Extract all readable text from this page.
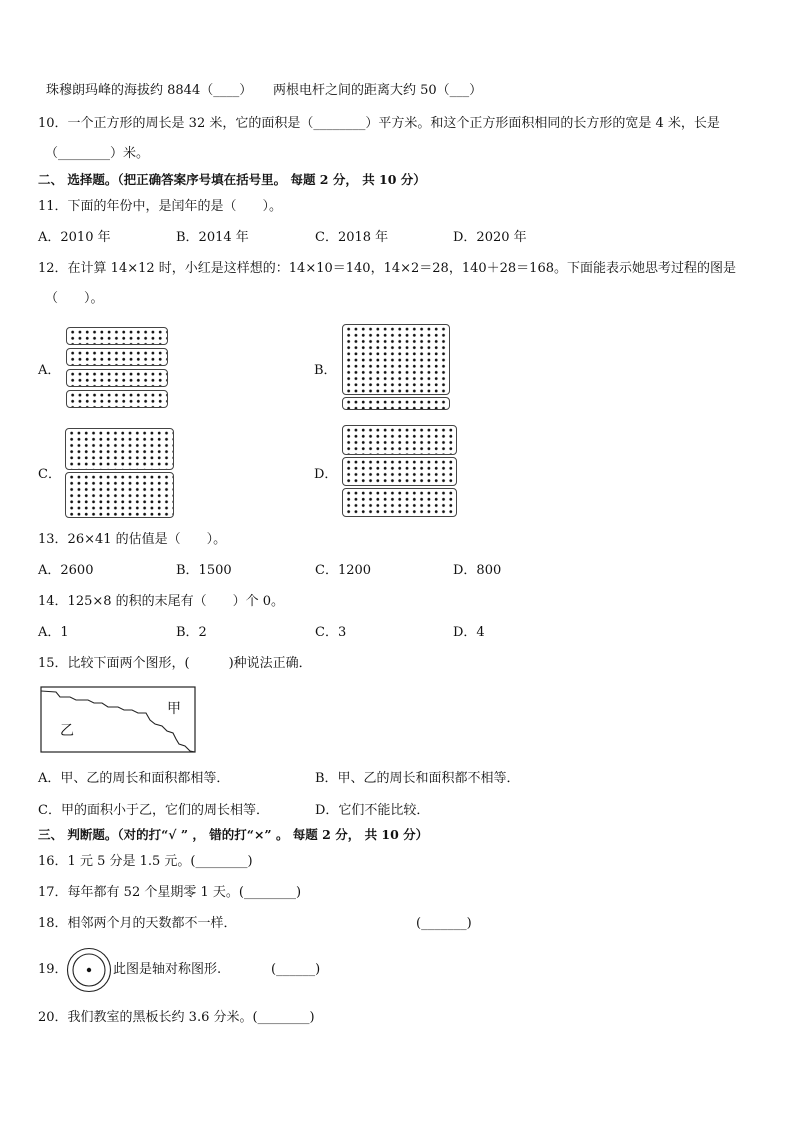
珠穆朗玛峰的海拔约 8844（____） 两根电杆之间的距离大约 50（___）
10．一个正方形的周长是 32 米，它的面积是（________）平方米。和这个正方形面积相同的长方形的宽是 4 米，长是
（________）米。
二、 选择题。（把正确答案序号填在括号里。 每题 2 分， 共 10 分）
11．下面的年份中，是闰年的是（　　）。
A．2010 年	B．2014 年	C．2018 年	D．2020 年
12．在计算 14×12 时，小红是这样想的：14×10＝140，14×2＝28，140＋28＝168。下面能表示她思考过程的图是
（　　）。
A．	B．
C．	D．
13．26×41 的估值是（　　）。
A．2600	B．1500	C．1200	D．800
14．125×8 的积的末尾有（　　）个 0。
A．1	B．2	C．3	D．4
15．比较下面两个图形，(　　　)种说法正确．
甲
乙
A．甲、乙的周长和面积都相等．	B．甲、乙的周长和面积都不相等．
C．甲的面积小于乙，它们的周长相等．	D．它们不能比较．
三、 判断题。（对的打“√ ” ， 错的打“×” 。 每题 2 分， 共 10 分）
16．1 元 5 分是 1.5 元。(________)
17．每年都有 52 个星期零 1 天。(________)
18．相邻两个月的天数都不一样．	(_______)
19．	此图是轴对称图形.	(______)
20．我们教室的黑板长约 3.6 分米。(________)
